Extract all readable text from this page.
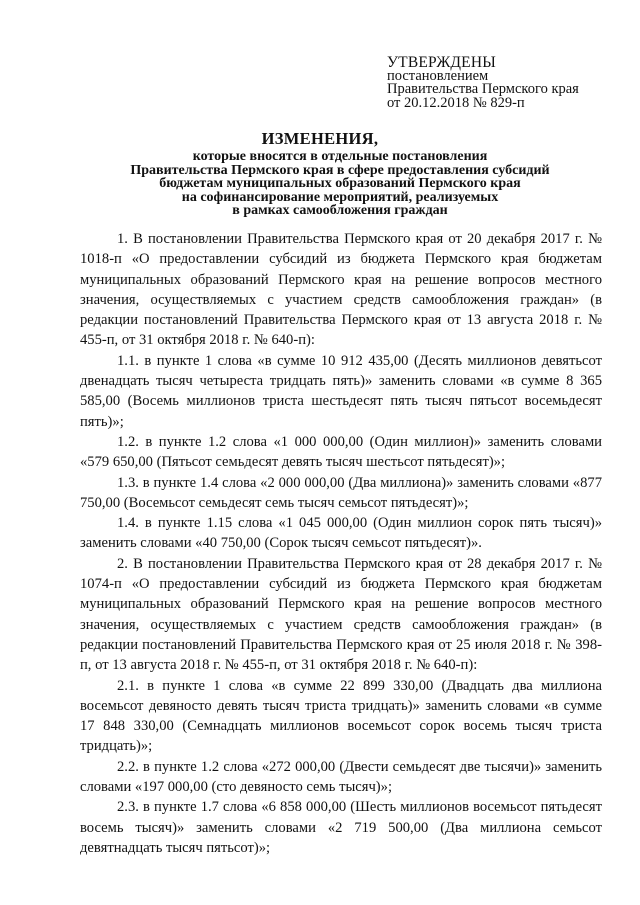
УТВЕРЖДЕНЫ
постановлением
Правительства Пермского края
от 20.12.2018 № 829-п
ИЗМЕНЕНИЯ,
которые вносятся в отдельные постановления
Правительства Пермского края в сфере предоставления субсидий
бюджетам муниципальных образований Пермского края
на софинансирование мероприятий, реализуемых
в рамках самообложения граждан

1. В постановлении Правительства Пермского края от 20 декабря 2017 г. № 1018-п «О предоставлении субсидий из бюджета Пермского края бюджетам муниципальных образований Пермского края на решение вопросов местного значения, осуществляемых с участием средств самообложения граждан» (в редакции постановлений Правительства Пермского края от 13 августа 2018 г. № 455-п, от 31 октября 2018 г. № 640-п):

1.1. в пункте 1 слова «в сумме 10 912 435,00 (Десять миллионов девятьсот двенадцать тысяч четыреста тридцать пять)» заменить словами «в сумме 8 365 585,00 (Восемь миллионов триста шестьдесят пять тысяч пятьсот восемьдесят пять)»;

1.2. в пункте 1.2 слова «1 000 000,00 (Один миллион)» заменить словами «579 650,00 (Пятьсот семьдесят девять тысяч шестьсот пятьдесят)»;

1.3. в пункте 1.4 слова «2 000 000,00 (Два миллиона)» заменить словами «877 750,00 (Восемьсот семьдесят семь тысяч семьсот пятьдесят)»;

1.4. в пункте 1.15 слова «1 045 000,00 (Один миллион сорок пять тысяч)» заменить словами «40 750,00 (Сорок тысяч семьсот пятьдесят)».

2. В постановлении Правительства Пермского края от 28 декабря 2017 г. № 1074-п «О предоставлении субсидий из бюджета Пермского края бюджетам муниципальных образований Пермского края на решение вопросов местного значения, осуществляемых с участием средств самообложения граждан» (в редакции постановлений Правительства Пермского края от 25 июля 2018 г. № 398-п, от 13 августа 2018 г. № 455-п, от 31 октября 2018 г. № 640-п):

2.1. в пункте 1 слова «в сумме 22 899 330,00 (Двадцать два миллиона восемьсот девяносто девять тысяч триста тридцать)» заменить словами «в сумме 17 848 330,00 (Семнадцать миллионов восемьсот сорок восемь тысяч триста тридцать)»;

2.2. в пункте 1.2 слова «272 000,00 (Двести семьдесят две тысячи)» заменить словами «197 000,00 (сто девяносто семь тысяч)»;

2.3. в пункте 1.7 слова «6 858 000,00 (Шесть миллионов восемьсот пятьдесят восемь тысяч)» заменить словами «2 719 500,00 (Два миллиона семьсот девятнадцать тысяч пятьсот)»;
